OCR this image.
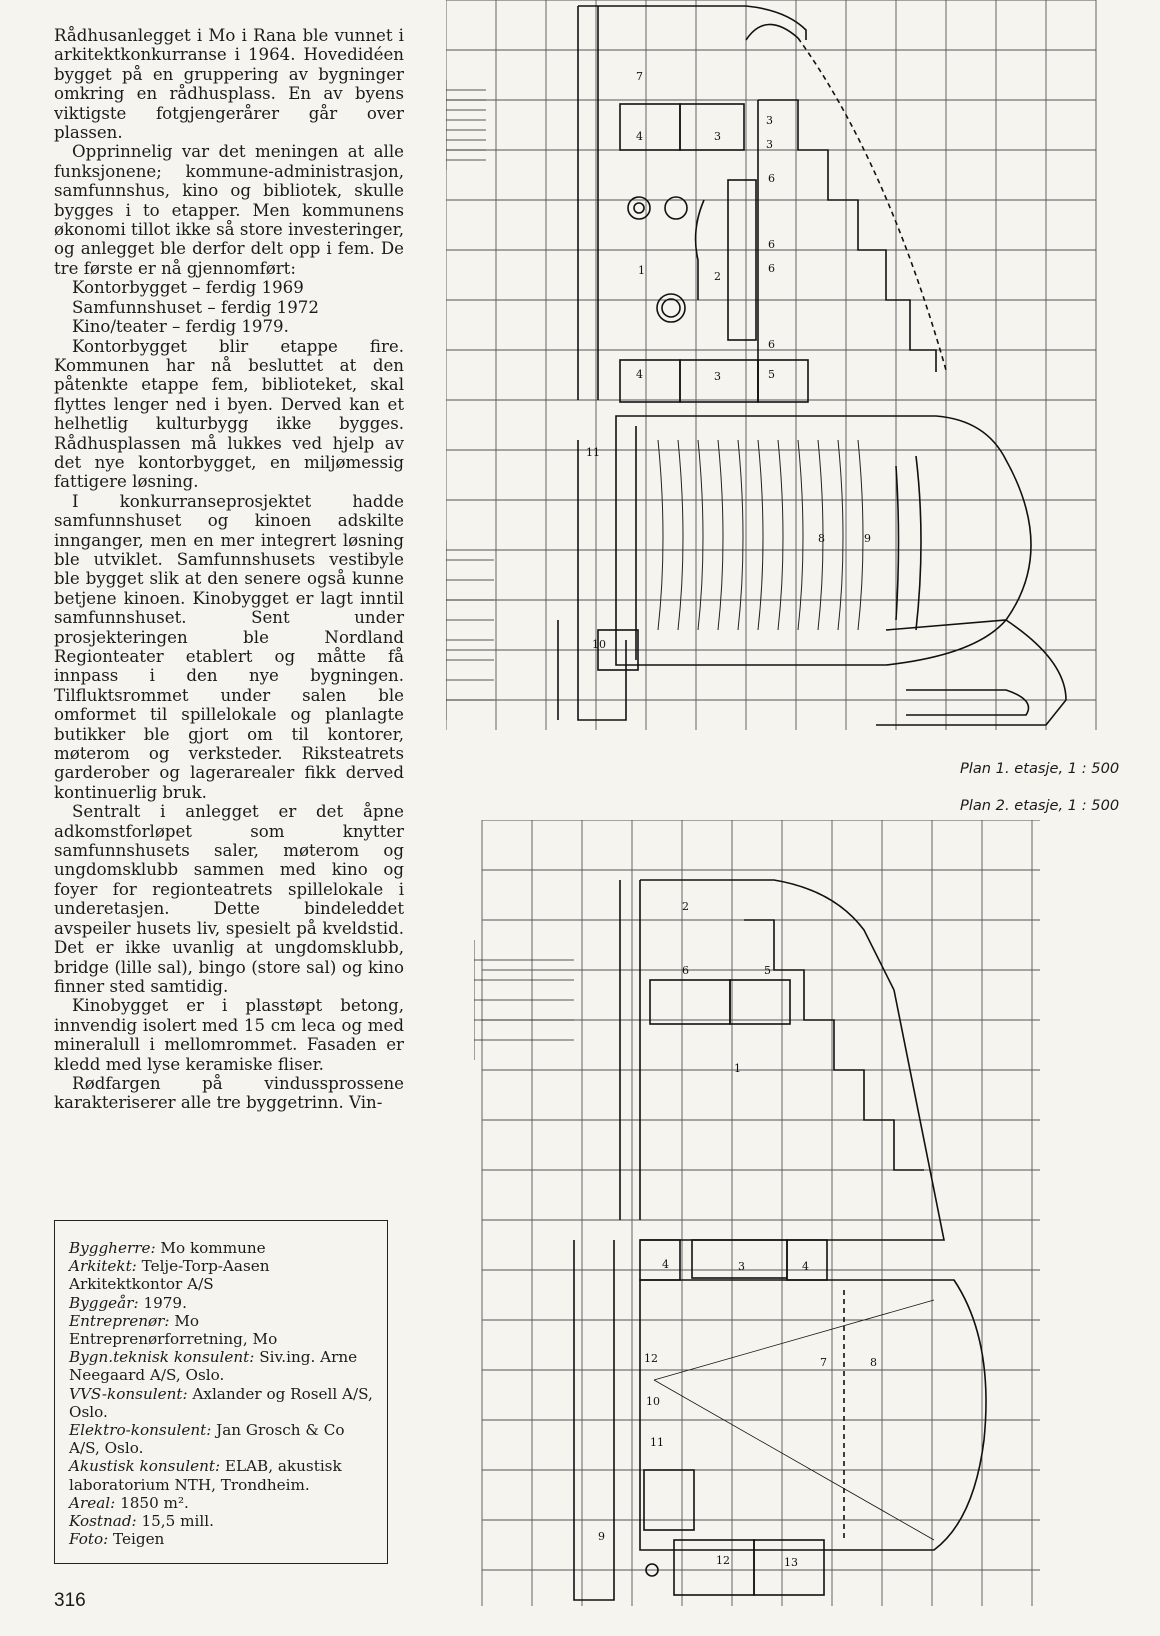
Rådhusanlegget i Mo i Rana ble vunnet i arkitektkonkurranse i 1964. Hovedidéen bygget på en gruppering av bygninger omkring en rådhusplass. En av byens viktigste fotgjengerårer går over plassen.

Opprinnelig var det meningen at alle funksjonene; kommune-administrasjon, samfunnshus, kino og bibliotek, skulle bygges i to etapper. Men kommunens økonomi tillot ikke så store investeringer, og anlegget ble derfor delt opp i fem. De tre første er nå gjennomført:

Kontorbygget – ferdig 1969

Samfunnshuset – ferdig 1972

Kino/teater – ferdig 1979.

Kontorbygget blir etappe fire. Kommunen har nå besluttet at den påtenkte etappe fem, biblioteket, skal flyttes lenger ned i byen. Derved kan et helhetlig kulturbygg ikke bygges. Rådhusplassen må lukkes ved hjelp av det nye kontorbygget, en miljømessig fattigere løsning.

I konkurranseprosjektet hadde samfunnshuset og kinoen adskilte innganger, men en mer integrert løsning ble utviklet. Samfunnshusets vestibyle ble bygget slik at den senere også kunne betjene kinoen. Kinobygget er lagt inntil samfunnshuset. Sent under prosjekteringen ble Nordland Regionteater etablert og måtte få innpass i den nye bygningen. Tilfluktsrommet under salen ble omformet til spillelokale og planlagte butikker ble gjort om til kontorer, møterom og verksteder. Riksteatrets garderober og lagerarealer fikk derved kontinuerlig bruk.

Sentralt i anlegget er det åpne adkomstforløpet som knytter samfunnshusets saler, møterom og ungdomsklubb sammen med kino og foyer for regionteatrets spillelokale i underetasjen. Dette bindeleddet avspeiler husets liv, spesielt på kveldstid. Det er ikke uvanlig at ungdomsklubb, bridge (lille sal), bingo (store sal) og kino finner sted samtidig.

Kinobygget er i plasstøpt betong, innvendig isolert med 15 cm leca og med mineralull i mellomrommet. Fasaden er kledd med lyse keramiske fliser.

Rødfargen på vindussprossene karakteriserer alle tre byggetrinn. Vin-

Byggherre: Mo kommune
Arkitekt: Telje-Torp-Aasen Arkitektkontor A/S
Byggeår: 1979.
Entreprenør: Mo Entreprenørforretning, Mo
Bygn.teknisk konsulent: Siv.ing. Arne Neegaard A/S, Oslo.
VVS-konsulent: Axlander og Rosell A/S, Oslo.
Elektro-konsulent: Jan Grosch & Co A/S, Oslo.
Akustisk konsulent: ELAB, akustisk laboratorium NTH, Trondheim.
Areal: 1850 m².
Kostnad: 15,5 mill.
Foto: Teigen
316
Plan 1. etasje, 1 : 500
Plan 2. etasje, 1 : 500
7
4	3
3
3
6
6
1	2
6
6
4	3	5
11
8	9
10
2
6	5
1
4	3	4
12	7	8
10
11
9
12	13
